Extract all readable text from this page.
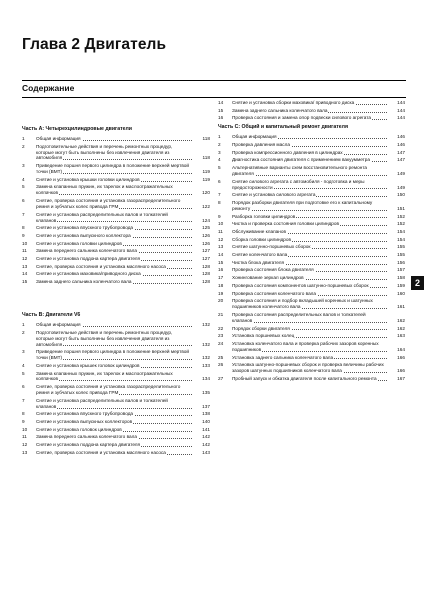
Глава 2 Двигатель
Содержание
Часть A: Четырехцилиндровые двигатели
1	Общая информация	118
2	Подготовительные действия и перечень ремонтных процедур, которые могут быть выполнены без извлечения двигателя из автомобиля	118
3	Приведение поршня первого цилиндра в положение верхней мертвой точки (ВМТ)	119
4	Снятие и установка крышки головки цилиндров	119
5	Замена клапанных пружин, их тарелок и маслоотражательных колпачков	120
6	Снятие, проверка состояния и установка газораспределительного ремня и зубчатых колес привода ГРМ	122
7	Снятие и установка распределительных валов и толкателей клапанов	124
8	Снятие и установка впускного трубопровода	125
9	Снятие и установка выпускного коллектора	126
10	Снятие и установка головки цилиндров	126
11	Замена переднего сальника коленчатого вала	127
12	Снятие и установка поддона картера двигателя	127
13	Снятие, проверка состояния и установка масляного насоса	128
14	Снятие и установка маховика/приводного диска	128
15	Замена заднего сальника коленчатого вала	128
Часть B: Двигатели V6
1	Общая информация	132
2	Подготовительные действия и перечень ремонтных процедур, которые могут быть выполнены без извлечения двигателя из автомобиля	132
3	Приведение поршня первого цилиндра в положение верхней мертвой точки (ВМТ)	132
4	Снятие и установка крышек головок цилиндров	133
5	Замена клапанных пружин, их тарелок и маслоотражательных колпачков	134
6	Снятие, проверка состояния и установка газораспределительного ремня и зубчатых колес привода ГРМ	135
7	Снятие и установка распределительных валов и толкателей клапанов	137
8	Снятие и установка впускного трубопровода	138
9	Снятие и установка выпускных коллекторов	140
10	Снятие и установка головок цилиндров	141
11	Замена переднего сальника коленчатого вала	142
12	Снятие и установка поддона картера двигателя	142
13	Снятие, проверка состояния и установка масляного насоса	143
14	Снятие и установка сборки маховика/ приводного диска	144
15	Замена заднего сальника коленчатого вала	144
16	Проверка состояния и замена опор подвески силового агрегата	144
Часть C: Общий и капитальный ремонт двигателя
1	Общая информация	146
2	Проверка давления масла	146
3	Проверка компрессионного давления в цилиндрах	147
4	Диагностика состояния двигателя с применением вакуумметра	147
5	Альтернативные варианты схем восстановительного ремонта двигателя	149
6	Снятие силового агрегата с автомобиля - подготовка и меры предосторожности	149
7	Снятие и установка силового агрегата	150
8	Порядок разборки двигателя при подготовке его к капитальному ремонту	151
9	Разборка головки цилиндров	152
10	Чистка и проверка состояния головки цилиндров	152
11	Обслуживание клапанов	154
12	Сборка головки цилиндров	154
13	Снятие шатунно-поршневых сборок	155
14	Снятие коленчатого вала	155
15	Чистка блока двигателя	156
16	Проверка состояния блока двигателя	157
17	Хонингование зеркал цилиндров	158
18	Проверка состояния компонентов шатунно-поршневых сборок	159
19	Проверка состояния коленчатого вала	160
20	Проверка состояния и подбор вкладышей коренных и шатунных подшипников коленчатого вала	161
21	Проверка состояния распределительных валов и толкателей клапанов	162
22	Порядок сборки двигателя	162
23	Установка поршневых колец	163
24	Установка коленчатого вала и проверка рабочих зазоров коренных подшипников	164
25	Установка заднего сальника коленчатого вала	166
26	Установка шатунно-поршневых сборок и проверка величины рабочих зазоров шатунных подшипников коленчатого вала	166
27	Пробный запуск и обкатка двигателя после капитального ремонта	167
2
